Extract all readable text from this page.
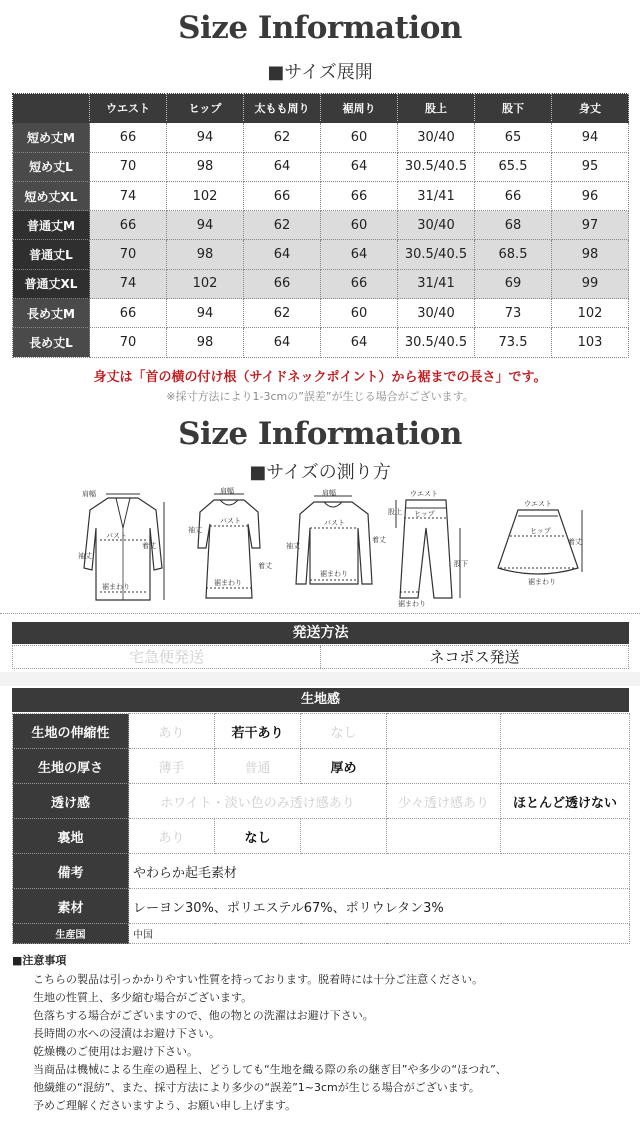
Size Information
■サイズ展開
	ウエスト	ヒップ	太もも周り	裾周り	股上	股下	身丈
短め丈M	66	94	62	60	30/40	65	94
短め丈L	70	98	64	64	30.5/40.5	65.5	95
短め丈XL	74	102	66	66	31/41	66	96
普通丈M	66	94	62	60	30/40	68	97
普通丈L	70	98	64	64	30.5/40.5	68.5	98
普通丈XL	74	102	66	66	31/41	69	99
長め丈M	66	94	62	60	30/40	73	102
長め丈L	70	98	64	64	30.5/40.5	73.5	103
身丈は「首の横の付け根（サイドネックポイント）から裾までの長さ」です。
※採寸方法により1-3cmの”誤差”が生じる場合がございます。
Size Information
■サイズの測り方
肩幅
バスト
裾まわり
袖丈
着丈
肩幅
バスト
裾まわり
袖丈
着丈
肩幅
バスト
裾まわり
袖丈
着丈
ウエスト
ヒップ
股上
股下
裾まわり
ウエスト
ヒップ
裾まわり
着丈
発送方法
宅急便発送	ネコポス発送
生地感
生地の伸縮性	あり	若干あり	なし		
生地の厚さ	薄手	普通	厚め		
透け感	ホワイト・淡い色のみ透け感あり			少々透け感あり	ほとんど透けない
裏地	あり	なし			
備考	やわらか起毛素材				
素材	レーヨン30%、ポリエステル67%、ポリウレタン3%				
生産国	中国				
■注意事項
こちらの製品は引っかかりやすい性質を持っております。脱着時には十分ご注意ください。
生地の性質上、多少縮む場合がございます。
色落ちする場合がございますので、他の物との洗濯はお避け下さい。
長時間の水への浸漬はお避け下さい。
乾燥機のご使用はお避け下さい。
当商品は機械による生産の過程上、どうしても“生地を織る際の糸の継ぎ目”や多少の“ほつれ”、
他繊維の“混紡”、また、採寸方法により多少の“誤差”1~3cmが生じる場合がございます。
予めご理解くださいますよう、お願い申し上げます。
